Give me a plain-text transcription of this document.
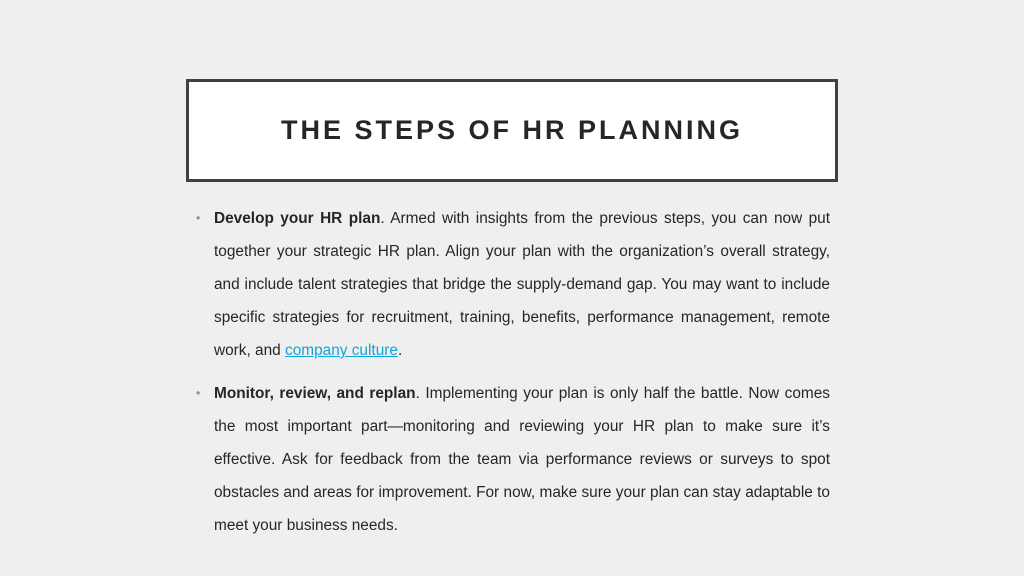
THE STEPS OF HR PLANNING
• Develop your HR plan. Armed with insights from the previous steps, you can now put together your strategic HR plan. Align your plan with the organization’s overall strategy, and include talent strategies that bridge the supply-demand gap. You may want to include specific strategies for recruitment, training, benefits, performance management, remote work, and company culture.
• Monitor, review, and replan. Implementing your plan is only half the battle. Now comes the most important part—monitoring and reviewing your HR plan to make sure it’s effective. Ask for feedback from the team via performance reviews or surveys to spot obstacles and areas for improvement. For now, make sure your plan can stay adaptable to meet your business needs.
